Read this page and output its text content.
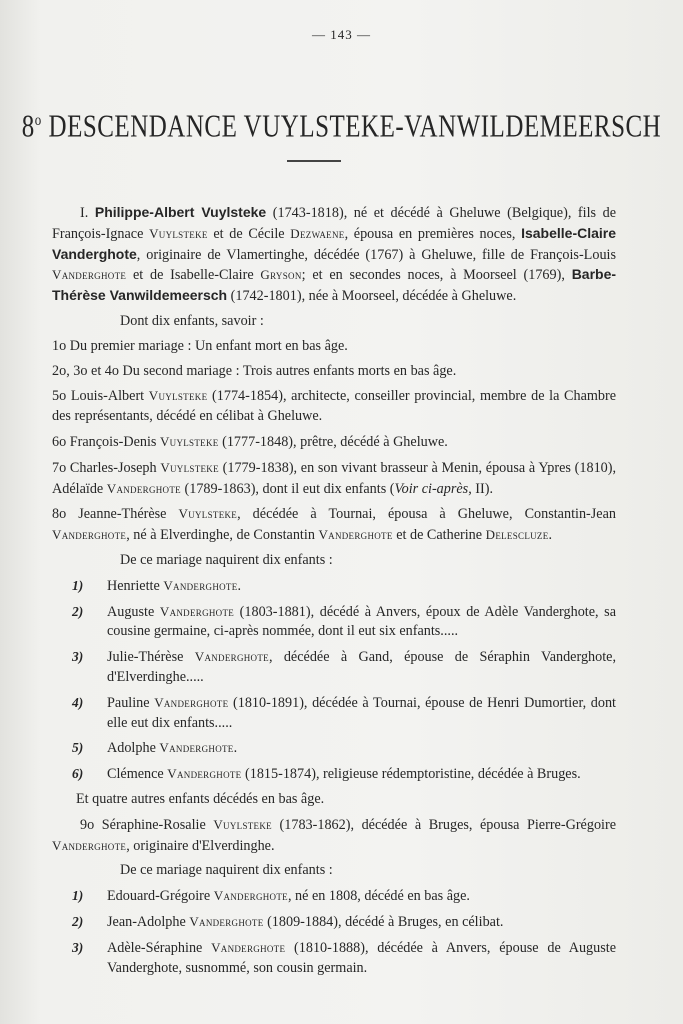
— 143 —
8$^o$ DESCENDANCE VUYLSTEKE-VANWILDEMEERSCH

I. Philippe-Albert Vuylsteke (1743-1818), né et décédé à Gheluwe (Belgique), fils de François-Ignace Vuylsteke et de Cécile Dezwaene, épousa en premières noces, Isabelle-Claire Vanderghote, originaire de Vlamertinghe, décédée (1767) à Gheluwe, fille de François-Louis Vanderghote et de Isabelle-Claire Gryson; et en secondes noces, à Moorseel (1769), Barbe-Thérèse Vanwildemeersch (1742-1801), née à Moorseel, décédée à Gheluwe.

Dont dix enfants, savoir :

1o Du premier mariage : Un enfant mort en bas âge.

2o, 3o et 4o Du second mariage : Trois autres enfants morts en bas âge.

5o Louis-Albert Vuylsteke (1774-1854), architecte, conseiller provincial, membre de la Chambre des représentants, décédé en célibat à Gheluwe.

6o François-Denis Vuylsteke (1777-1848), prêtre, décédé à Gheluwe.

7o Charles-Joseph Vuylsteke (1779-1838), en son vivant brasseur à Menin, épousa à Ypres (1810), Adélaïde Vanderghote (1789-1863), dont il eut dix enfants (Voir ci-après, II).

8o Jeanne-Thérèse Vuylsteke, décédée à Tournai, épousa à Gheluwe, Constantin-Jean Vanderghote, né à Elverdinghe, de Constantin Vanderghote et de Catherine Delescluze.

De ce mariage naquirent dix enfants :

1) Henriette Vanderghote.

2) Auguste Vanderghote (1803-1881), décédé à Anvers, époux de Adèle Vanderghote, sa cousine germaine, ci-après nommée, dont il eut six enfants.....

3) Julie-Thérèse Vanderghote, décédée à Gand, épouse de Séraphin Vanderghote, d'Elverdinghe.....

4) Pauline Vanderghote (1810-1891), décédée à Tournai, épouse de Henri Dumortier, dont elle eut dix enfants.....

5) Adolphe Vanderghote.

6) Clémence Vanderghote (1815-1874), religieuse rédemptoristine, décédée à Bruges.

Et quatre autres enfants décédés en bas âge.

9o Séraphine-Rosalie Vuylsteke (1783-1862), décédée à Bruges, épousa Pierre-Grégoire Vanderghote, originaire d'Elverdinghe.

De ce mariage naquirent dix enfants :

1) Edouard-Grégoire Vanderghote, né en 1808, décédé en bas âge.

2) Jean-Adolphe Vanderghote (1809-1884), décédé à Bruges, en célibat.

3) Adèle-Séraphine Vanderghote (1810-1888), décédée à Anvers, épouse de Auguste Vanderghote, susnommé, son cousin germain.
